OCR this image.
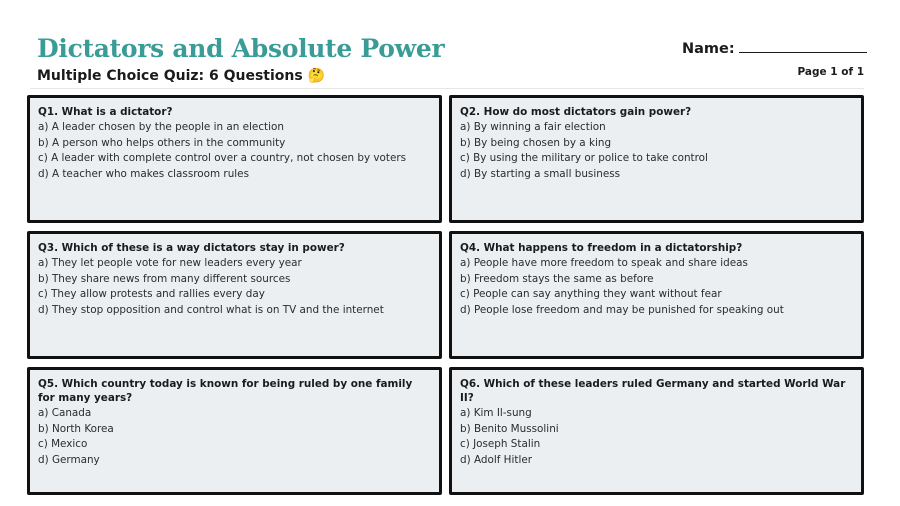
Dictators and Absolute Power
Multiple Choice Quiz: 6 Questions 🤔
Name:
Page 1 of 1
Q1. What is a dictator?
a) A leader chosen by the people in an election
b) A person who helps others in the community
c) A leader with complete control over a country, not chosen by voters
d) A teacher who makes classroom rules
Q2. How do most dictators gain power?
a) By winning a fair election
b) By being chosen by a king
c) By using the military or police to take control
d) By starting a small business
Q3. Which of these is a way dictators stay in power?
a) They let people vote for new leaders every year
b) They share news from many different sources
c) They allow protests and rallies every day
d) They stop opposition and control what is on TV and the internet
Q4. What happens to freedom in a dictatorship?
a) People have more freedom to speak and share ideas
b) Freedom stays the same as before
c) People can say anything they want without fear
d) People lose freedom and may be punished for speaking out
Q5. Which country today is known for being ruled by one family for many years?
a) Canada
b) North Korea
c) Mexico
d) Germany
Q6. Which of these leaders ruled Germany and started World War II?
a) Kim Il-sung
b) Benito Mussolini
c) Joseph Stalin
d) Adolf Hitler
